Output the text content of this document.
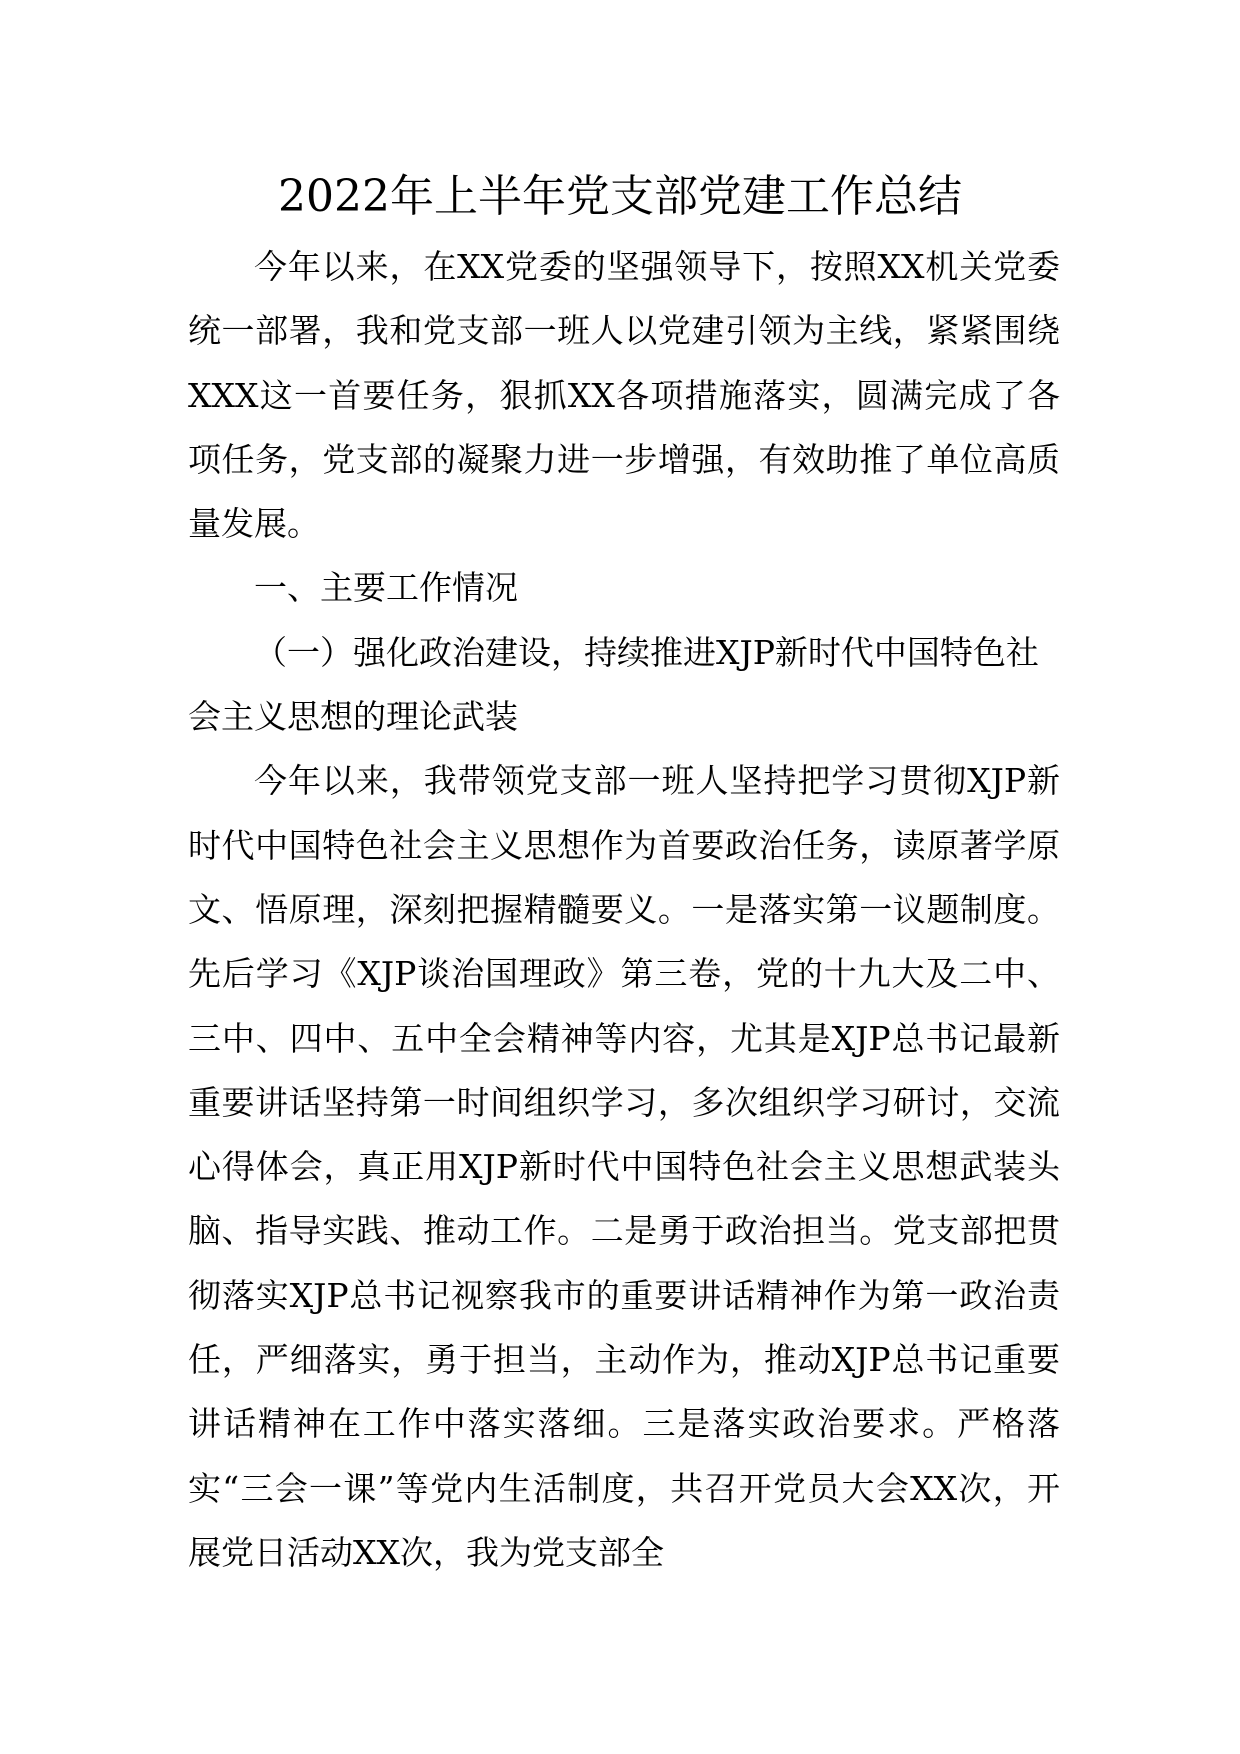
2022年上半年党支部党建工作总结

今年以来，在XX党委的坚强领导下，按照XX机关党委统一部署，我和党支部一班人以党建引领为主线，紧紧围绕XXX这一首要任务，狠抓XX各项措施落实，圆满完成了各项任务，党支部的凝聚力进一步增强，有效助推了单位高质量发展。

一、主要工作情况

（一）强化政治建设，持续推进XJP新时代中国特色社会主义思想的理论武装

今年以来，我带领党支部一班人坚持把学习贯彻XJP新时代中国特色社会主义思想作为首要政治任务，读原著学原文、悟原理，深刻把握精髓要义。一是落实第一议题制度。先后学习《XJP谈治国理政》第三卷，党的十九大及二中、三中、四中、五中全会精神等内容，尤其是XJP总书记最新重要讲话坚持第一时间组织学习，多次组织学习研讨，交流心得体会，真正用XJP新时代中国特色社会主义思想武装头脑、指导实践、推动工作。二是勇于政治担当。党支部把贯彻落实XJP总书记视察我市的重要讲话精神作为第一政治责任，严细落实，勇于担当，主动作为，推动XJP总书记重要讲话精神在工作中落实落细。三是落实政治要求。严格落实“三会一课”等党内生活制度，共召开党员大会XX次，开展党日活动XX次，我为党支部全
